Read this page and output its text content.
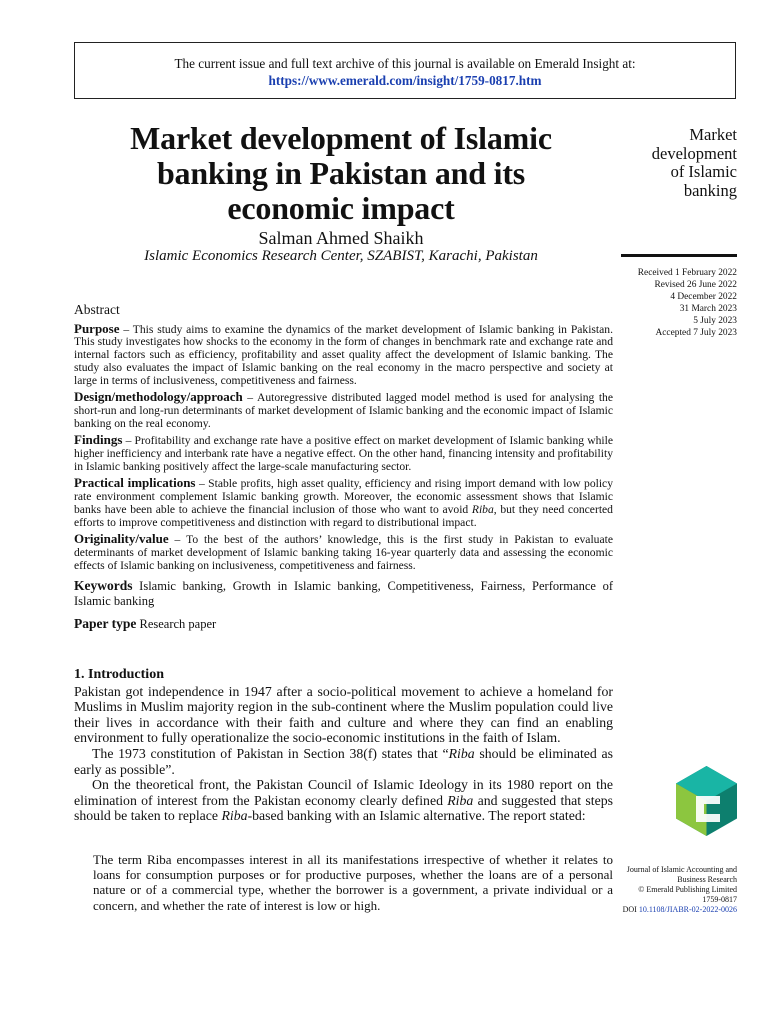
The current issue and full text archive of this journal is available on Emerald Insight at:
https://www.emerald.com/insight/1759-0817.htm
Market development of Islamic
banking in Pakistan and its
economic impact
Salman Ahmed Shaikh
Islamic Economics Research Center, SZABIST, Karachi, Pakistan
Market
development
of Islamic
banking
Received 1 February 2022
Revised 26 June 2022
4 December 2022
31 March 2023
5 July 2023
Accepted 7 July 2023
Abstract

Purpose – This study aims to examine the dynamics of the market development of Islamic banking in Pakistan. This study investigates how shocks to the economy in the form of changes in benchmark rate and exchange rate and internal factors such as efficiency, profitability and asset quality affect the development of Islamic banking. The study also evaluates the impact of Islamic banking on the real economy in the macro perspective and society at large in terms of inclusiveness, competitiveness and fairness.

Design/methodology/approach – Autoregressive distributed lagged model method is used for analysing the short-run and long-run determinants of market development of Islamic banking and the economic impact of Islamic banking on the real economy.

Findings – Profitability and exchange rate have a positive effect on market development of Islamic banking while higher inefficiency and interbank rate have a negative effect. On the other hand, financing intensity and profitability in Islamic banking positively affect the large-scale manufacturing sector.

Practical implications – Stable profits, high asset quality, efficiency and rising import demand with low policy rate environment complement Islamic banking growth. Moreover, the economic assessment shows that Islamic banks have been able to achieve the financial inclusion of those who want to avoid Riba, but they need concerted efforts to improve competitiveness and distinction with regard to distributional impact.

Originality/value – To the best of the authors’ knowledge, this is the first study in Pakistan to evaluate determinants of market development of Islamic banking taking 16-year quarterly data and assessing the economic effects of Islamic banking on inclusiveness, competitiveness and fairness.

Keywords Islamic banking, Growth in Islamic banking, Competitiveness, Fairness, Performance of Islamic banking

Paper type Research paper

1. Introduction

Pakistan got independence in 1947 after a socio-political movement to achieve a homeland for Muslims in Muslim majority region in the sub-continent where the Muslim population could live their lives in accordance with their faith and culture and where they can find an enabling environment to fully operationalize the socio-economic institutions in the faith of Islam.

The 1973 constitution of Pakistan in Section 38(f) states that “Riba should be eliminated as early as possible”.

On the theoretical front, the Pakistan Council of Islamic Ideology in its 1980 report on the elimination of interest from the Pakistan economy clearly defined Riba and suggested that steps should be taken to replace Riba-based banking with an Islamic alternative. The report stated:

The term Riba encompasses interest in all its manifestations irrespective of whether it relates to loans for consumption purposes or for productive purposes, whether the loans are of a personal nature or of a commercial type, whether the borrower is a government, a private individual or a concern, and whether the rate of interest is low or high.
Journal of Islamic Accounting and
Business Research
© Emerald Publishing Limited
1759-0817
DOI 10.1108/JIABR-02-2022-0026
